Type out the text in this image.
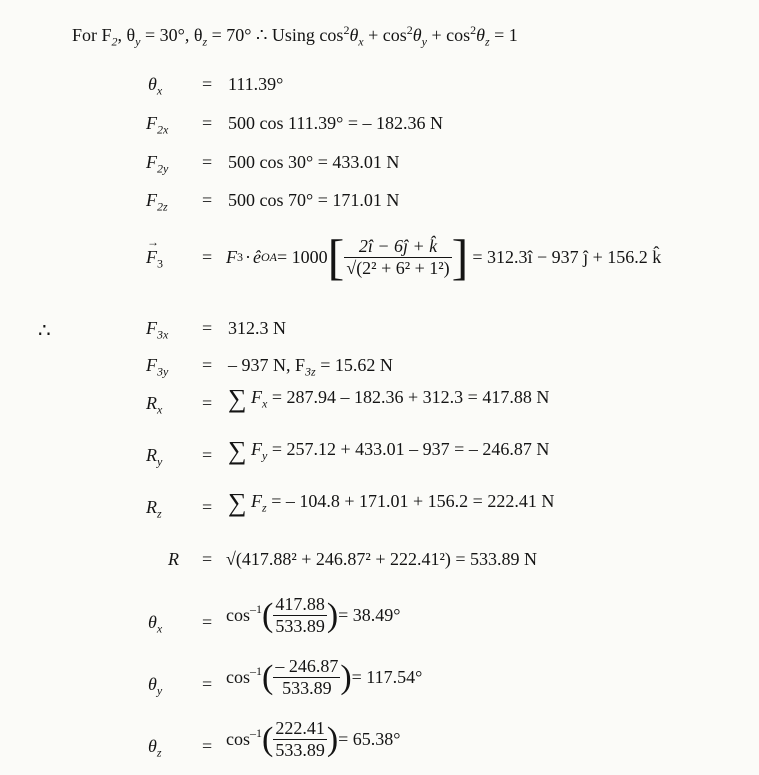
For $F_2$, $\theta_y = 30^\circ$, $\theta_z = 70^\circ$ ∴ Using $\cos^2\theta_x + \cos^2\theta_y + \cos^2\theta_z = 1$
$\theta_x = 111.39^\circ$
$F_{2x} = 500$ cos 111.39° = – 182.36 N
$F_{2y} = 500$ cos 30° = 433.01 N
$F_{2z} = 500$ cos 70° = 171.01 N
F
→
$_3$ = F 3 · ê OA = 1000 [ $\frac{2î - 6ĵ + k̂}{\text{√(2² + 6² + 1²)}}$ ] = 312.3î − 937 ĵ + 156.2 k̂
∴	$F_{3x} = 312.3$ N
$F_{3y}$ = – 937 N, $F_{3z} = 15.62$ N
$R_x$ = ∑ $F_x = 287.94 - 182.36 + 312.3 = 417.88$ N
$R_y$ = ∑ $F_y = 257.12 + 433.01 - 937$ = – 246.87 N
$R_z$ = ∑ $F_z$ = – 104.8 + 171.01 + 156.2 = 222.41 N
R = √(417.88² + 246.87² + 222.41²) = 533.89 N
$\theta_x = \cos^{-1}$ ( $\frac{417.88}{533.89}$ ) = 38.49°
$\theta_y = \cos^{-1}$ ( $\frac{- 246.87}{533.89}$ ) = 117.54°
$\theta_z = \cos^{-1}$ ( $\frac{222.41}{533.89}$ ) = 65.38°
